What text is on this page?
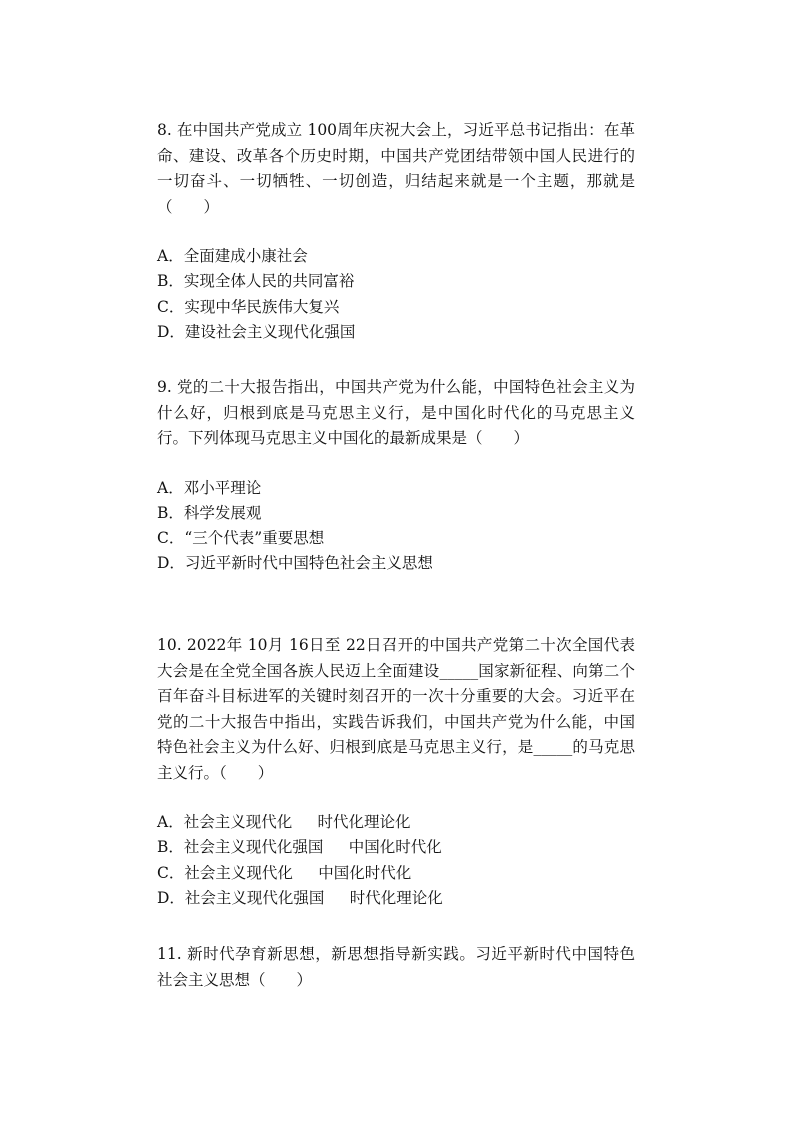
8. 在中国共产党成立 100周年庆祝大会上，习近平总书记指出：在革命、建设、改革各个历史时期，中国共产党团结带领中国人民进行的一切奋斗、一切牺牲、一切创造，归结起来就是一个主题，那就是（　　）

A．全面建成小康社会
B．实现全体人民的共同富裕
C．实现中华民族伟大复兴
D．建设社会主义现代化强国

9. 党的二十大报告指出，中国共产党为什么能，中国特色社会主义为什么好，归根到底是马克思主义行，是中国化时代化的马克思主义行。下列体现马克思主义中国化的最新成果是（　　）

A．邓小平理论
B．科学发展观
C．“三个代表”重要思想
D．习近平新时代中国特色社会主义思想

10. 2022年 10月 16日至 22日召开的中国共产党第二十次全国代表大会是在全党全国各族人民迈上全面建设_____国家新征程、向第二个百年奋斗目标进军的关键时刻召开的一次十分重要的大会。习近平在党的二十大报告中指出，实践告诉我们，中国共产党为什么能，中国特色社会主义为什么好、归根到底是马克思主义行，是_____的马克思主义行。（　　）

A．社会主义现代化　  时代化理论化
B．社会主义现代化强国　  中国化时代化
C．社会主义现代化　  中国化时代化
D．社会主义现代化强国　  时代化理论化

11. 新时代孕育新思想，新思想指导新实践。习近平新时代中国特色社会主义思想（　　）
